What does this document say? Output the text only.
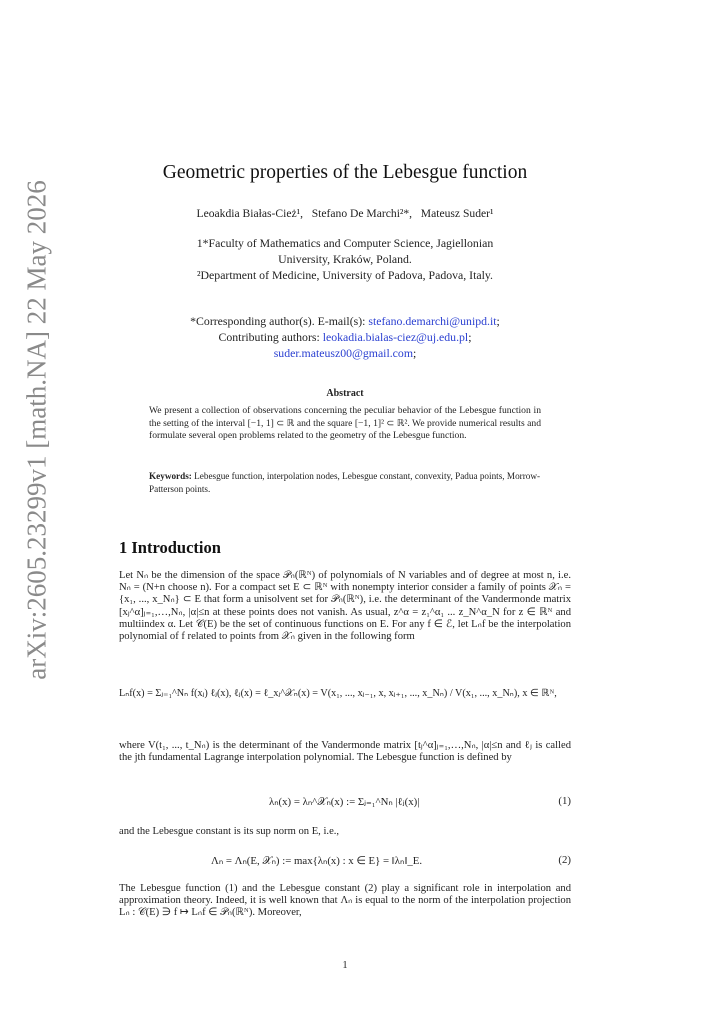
arXiv:2605.23299v1 [math.NA] 22 May 2026
Geometric properties of the Lebesgue function
Leoakdia Białas-Cież¹, Stefano De Marchi²*, Mateusz Suder¹
1*Faculty of Mathematics and Computer Science, Jagiellonian
University, Kraków, Poland.
²Department of Medicine, University of Padova, Padova, Italy.
*Corresponding author(s). E-mail(s): stefano.demarchi@unipd.it;
Contributing authors: leokadia.bialas-ciez@uj.edu.pl;
suder.mateusz00@gmail.com;
Abstract
We present a collection of observations concerning the peculiar behavior of the Lebesgue function in the setting of the interval [−1, 1] ⊂ ℝ and the square [−1, 1]² ⊂ ℝ². We provide numerical results and formulate several open problems related to the geometry of the Lebesgue function.
Keywords: Lebesgue function, interpolation nodes, Lebesgue constant, convexity, Padua points, Morrow-Patterson points.
1 Introduction
Let Nₙ be the dimension of the space 𝒫ₙ(ℝᴺ) of polynomials of N variables and of degree at most n, i.e. Nₙ = (N+n choose n). For a compact set E ⊂ ℝᴺ with nonempty interior consider a family of points 𝒳ₙ = {x₁, ..., x_Nₙ} ⊂ E that form a unisolvent set for 𝒫ₙ(ℝᴺ), i.e. the determinant of the Vandermonde matrix [xⱼ^α]ⱼ₌₁,…,Nₙ, |α|≤n at these points does not vanish. As usual, z^α = z₁^α₁ ... z_N^α_N for z ∈ ℝᴺ and multiindex α. Let 𝒞(E) be the set of continuous functions on E. For any f ∈ ℰ, let Lₙf be the interpolation polynomial of f related to points from 𝒳ₙ given in the following form
Lₙf(x) = Σⱼ₌₁^Nₙ f(xⱼ) ℓⱼ(x), ℓⱼ(x) = ℓ_xⱼ^𝒳ₙ(x) = V(x₁, ..., xⱼ₋₁, x, xⱼ₊₁, ..., x_Nₙ) / V(x₁, ..., x_Nₙ), x ∈ ℝᴺ,
where V(t₁, ..., t_Nₙ) is the determinant of the Vandermonde matrix [tⱼ^α]ⱼ₌₁,…,Nₙ, |α|≤n and ℓⱼ is called the jth fundamental Lagrange interpolation polynomial. The Lebesgue function is defined by
λₙ(x) = λₙ^𝒳ₙ(x) := Σⱼ₌₁^Nₙ |ℓⱼ(x)|	(1)
and the Lebesgue constant is its sup norm on E, i.e.,
Λₙ = Λₙ(E, 𝒳ₙ) := max{λₙ(x) : x ∈ E} = ‖λₙ‖_E.	(2)
The Lebesgue function (1) and the Lebesgue constant (2) play a significant role in interpolation and approximation theory. Indeed, it is well known that Λₙ is equal to the norm of the interpolation projection Lₙ : 𝒞(E) ∋ f ↦ Lₙf ∈ 𝒫ₙ(ℝᴺ). Moreover,
1
